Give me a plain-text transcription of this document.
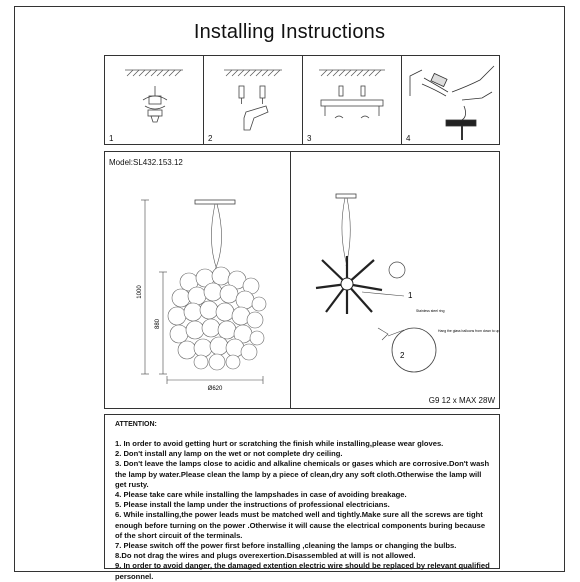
Installing Instructions
1	2	3	4
Model:SL432.153.12
1000
880
Ø620
1
2
Stainless steel ring
Hang the glass balloons from down to up
G9 12 x MAX 28W
ATTENTION:

1. In order to avoid getting hurt or scratching the finish while installing,please wear gloves.

2. Don't install any lamp on the wet or not complete dry ceiling.

3. Don't leave the lamps close to acidic and alkaline chemicals or gases which are corrosive.Don't wash the lamp by water.Please clean the lamp by a piece of clean,dry any soft cloth.Otherwise the lamp will get rusty.

4. Please take care while installing the lampshades in case of avoiding breakage.

5. Please install the lamp under the instructions of professional electricians.

6. While installing,the power leads must be matched well and tightly.Make sure all the screws are tight enough before turning on the power .Otherwise it will cause the electrical components buring because of the short circuit of the terminals.

7. Please switch off the power first before installing ,cleaning the lamps or changing the bulbs.

8.Do not drag the wires and plugs overexertion.Disassembled at will is not allowed.

9. In order to avoid danger, the damaged extention electric wire should be replaced by relevant qualified personnel.
